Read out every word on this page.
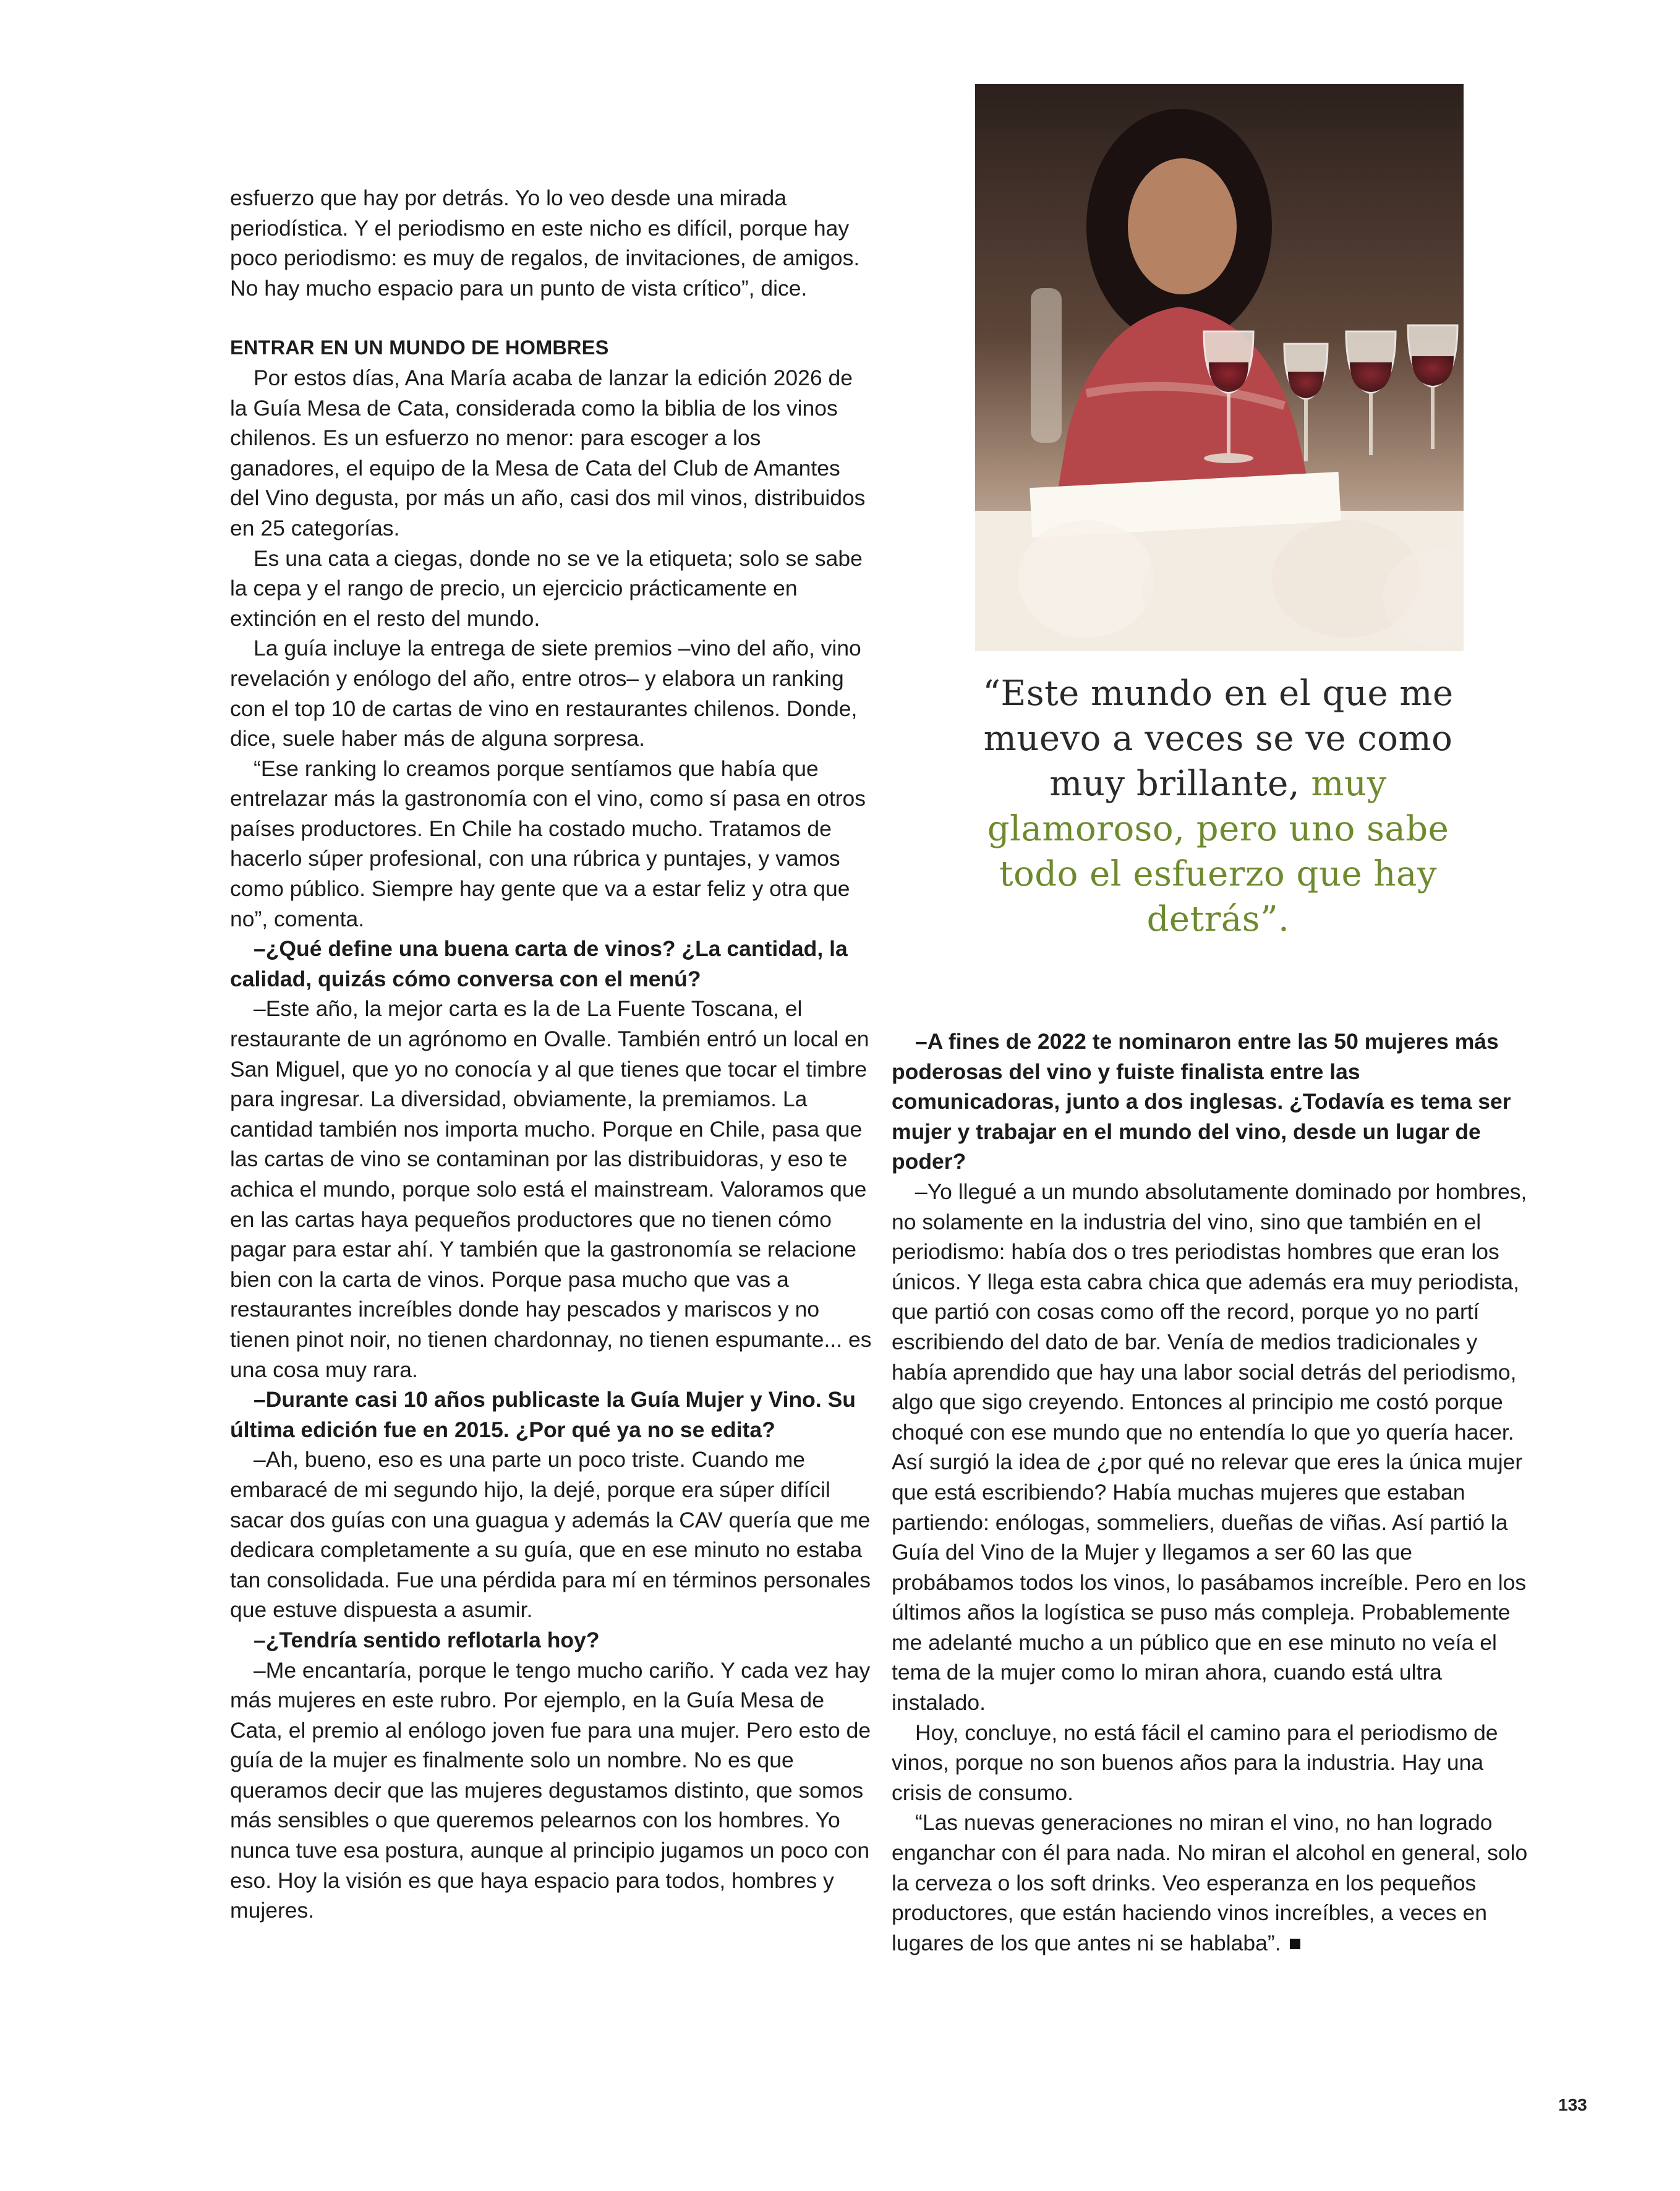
esfuerzo que hay por detrás. Yo lo veo desde una mirada periodística. Y el periodismo en este nicho es difícil, porque hay poco periodismo: es muy de regalos, de invitaciones, de amigos. No hay mucho espacio para un punto de vista crítico”, dice.

ENTRAR EN UN MUNDO DE HOMBRES

Por estos días, Ana María acaba de lanzar la edición 2026 de la Guía Mesa de Cata, considerada como la biblia de los vinos chilenos. Es un esfuerzo no menor: para escoger a los ganadores, el equipo de la Mesa de Cata del Club de Amantes del Vino degusta, por más un año, casi dos mil vinos, distribuidos en 25 categorías.

Es una cata a ciegas, donde no se ve la etiqueta; solo se sabe la cepa y el rango de precio, un ejercicio prácticamente en extinción en el resto del mundo.

La guía incluye la entrega de siete premios –vino del año, vino revelación y enólogo del año, entre otros– y elabora un ranking con el top 10 de cartas de vino en restaurantes chilenos. Donde, dice, suele haber más de alguna sorpresa.

“Ese ranking lo creamos porque sentíamos que había que entrelazar más la gastronomía con el vino, como sí pasa en otros países productores. En Chile ha costado mucho. Tratamos de hacerlo súper profesional, con una rúbrica y puntajes, y vamos como público. Siempre hay gente que va a estar feliz y otra que no”, comenta.

–¿Qué define una buena carta de vinos? ¿La cantidad, la calidad, quizás cómo conversa con el menú?

–Este año, la mejor carta es la de La Fuente Toscana, el restaurante de un agrónomo en Ovalle. También entró un local en San Miguel, que yo no conocía y al que tienes que tocar el timbre para ingresar. La diversidad, obviamente, la premiamos. La cantidad también nos importa mucho. Porque en Chile, pasa que las cartas de vino se contaminan por las distribuidoras, y eso te achica el mundo, porque solo está el mainstream. Valoramos que en las cartas haya pequeños productores que no tienen cómo pagar para estar ahí. Y también que la gastronomía se relacione bien con la carta de vinos. Porque pasa mucho que vas a restaurantes increíbles donde hay pescados y mariscos y no tienen pinot noir, no tienen chardonnay, no tienen espumante... es una cosa muy rara.

–Durante casi 10 años publicaste la Guía Mujer y Vino. Su última edición fue en 2015. ¿Por qué ya no se edita?

–Ah, bueno, eso es una parte un poco triste. Cuando me embaracé de mi segundo hijo, la dejé, porque era súper difícil sacar dos guías con una guagua y además la CAV quería que me dedicara completamente a su guía, que en ese minuto no estaba tan consolidada. Fue una pérdida para mí en términos personales que estuve dispuesta a asumir.

–¿Tendría sentido reflotarla hoy?

–Me encantaría, porque le tengo mucho cariño. Y cada vez hay más mujeres en este rubro. Por ejemplo, en la Guía Mesa de Cata, el premio al enólogo joven fue para una mujer. Pero esto de guía de la mujer es finalmente solo un nombre. No es que queramos decir que las mujeres degustamos distinto, que somos más sensibles o que queremos pelearnos con los hombres. Yo nunca tuve esa postura, aunque al principio jugamos un poco con eso. Hoy la visión es que haya espacio para todos, hombres y mujeres.

“Este mundo en el que me muevo a veces se ve como muy brillante, muy glamoroso, pero uno sabe todo el esfuerzo que hay detrás”.

–A fines de 2022 te nominaron entre las 50 mujeres más poderosas del vino y fuiste finalista entre las comunicadoras, junto a dos inglesas. ¿Todavía es tema ser mujer y trabajar en el mundo del vino, desde un lugar de poder?

–Yo llegué a un mundo absolutamente dominado por hombres, no solamente en la industria del vino, sino que también en el periodismo: había dos o tres periodistas hombres que eran los únicos. Y llega esta cabra chica que además era muy periodista, que partió con cosas como off the record, porque yo no partí escribiendo del dato de bar. Venía de medios tradicionales y había aprendido que hay una labor social detrás del periodismo, algo que sigo creyendo. Entonces al principio me costó porque choqué con ese mundo que no entendía lo que yo quería hacer. Así surgió la idea de ¿por qué no relevar que eres la única mujer que está escribiendo? Había muchas mujeres que estaban partiendo: enólogas, sommeliers, dueñas de viñas. Así partió la Guía del Vino de la Mujer y llegamos a ser 60 las que probábamos todos los vinos, lo pasábamos increíble. Pero en los últimos años la logística se puso más compleja. Probablemente me adelanté mucho a un público que en ese minuto no veía el tema de la mujer como lo miran ahora, cuando está ultra instalado.

Hoy, concluye, no está fácil el camino para el periodismo de vinos, porque no son buenos años para la industria. Hay una crisis de consumo.

“Las nuevas generaciones no miran el vino, no han logrado enganchar con él para nada. No miran el alcohol en general, solo la cerveza o los soft drinks. Veo esperanza en los pequeños productores, que están haciendo vinos increíbles, a veces en lugares de los que antes ni se hablaba”.

133
